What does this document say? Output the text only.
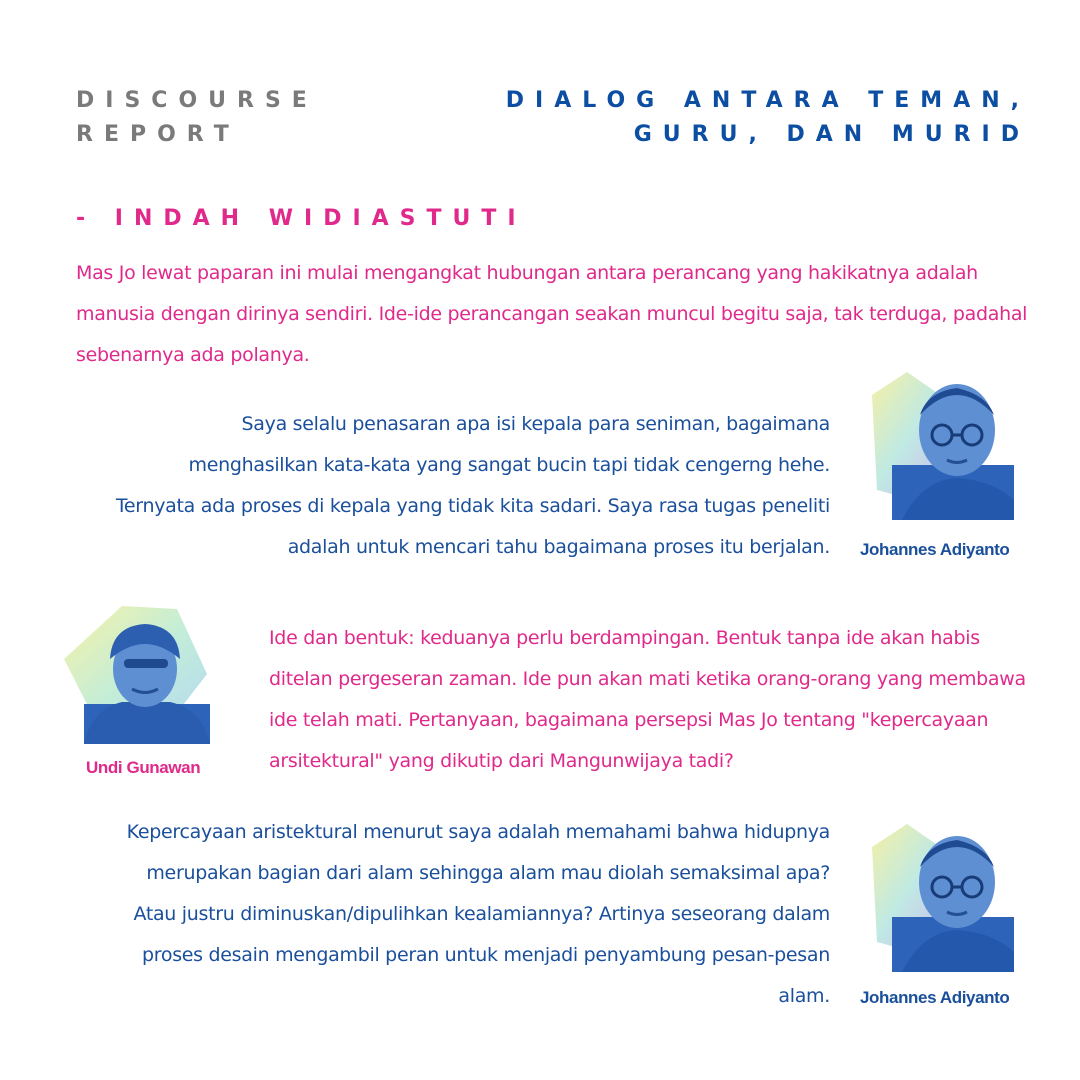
DISCOURSE
REPORT
DIALOG ANTARA TEMAN,
GURU, DAN MURID
- INDAH WIDIASTUTI
Mas Jo lewat paparan ini mulai mengangkat hubungan antara perancang yang hakikatnya adalah manusia dengan dirinya sendiri. Ide-ide perancangan seakan muncul begitu saja, tak terduga, padahal sebenarnya ada polanya.
Saya selalu penasaran apa isi kepala para seniman, bagaimana menghasilkan kata-kata yang sangat bucin tapi tidak cengerng hehe. Ternyata ada proses di kepala yang tidak kita sadari. Saya rasa tugas peneliti adalah untuk mencari tahu bagaimana proses itu berjalan. Johannes Adiyanto
Undi Gunawan
Ide dan bentuk: keduanya perlu berdampingan. Bentuk tanpa ide akan habis ditelan pergeseran zaman. Ide pun akan mati ketika orang-orang yang membawa ide telah mati. Pertanyaan, bagaimana persepsi Mas Jo tentang "kepercayaan arsitektural" yang dikutip dari Mangunwijaya tadi?
Kepercayaan aristektural menurut saya adalah memahami bahwa hidupnya merupakan bagian dari alam sehingga alam mau diolah semaksimal apa? Atau justru diminuskan/dipulihkan kealamiannya? Artinya seseorang dalam proses desain mengambil peran untuk menjadi penyambung pesan-pesan alam. Johannes Adiyanto
